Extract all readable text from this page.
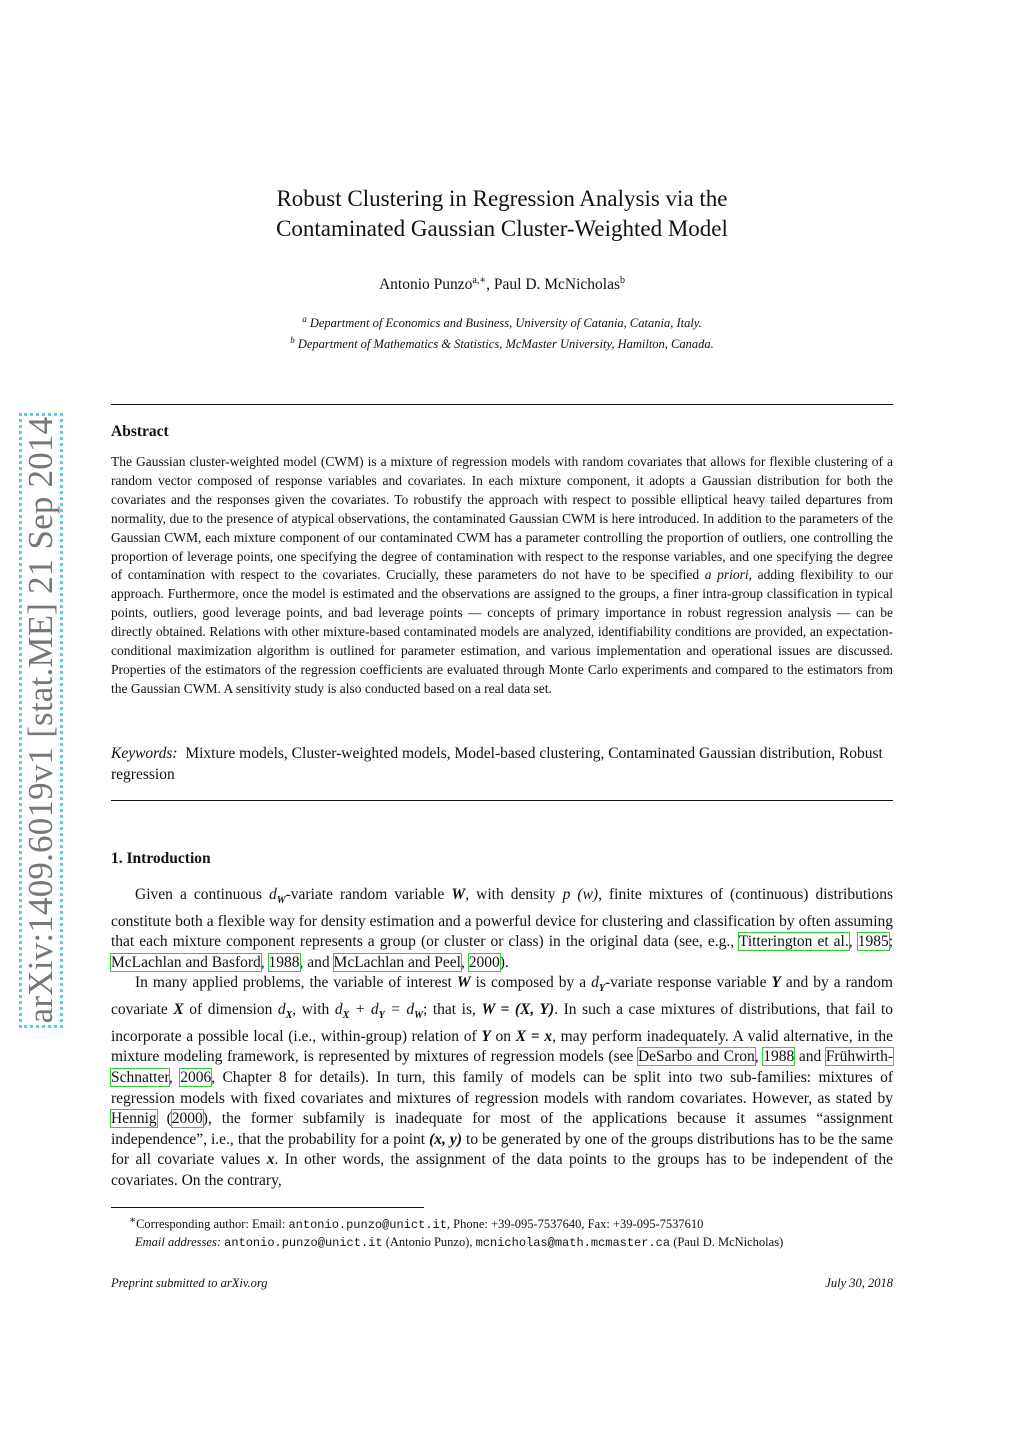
Robust Clustering in Regression Analysis via the
Contaminated Gaussian Cluster-Weighted Model
Antonio Punzo$^{a,∗}$, Paul D. McNicholas$^b$
$^a$ Department of Economics and Business, University of Catania, Catania, Italy.
$^b$ Department of Mathematics & Statistics, McMaster University, Hamilton, Canada.
Abstract

The Gaussian cluster-weighted model (CWM) is a mixture of regression models with random covariates that allows for flexible clustering of a random vector composed of response variables and covariates. In each mixture component, it adopts a Gaussian distribution for both the covariates and the responses given the covariates. To robustify the approach with respect to possible elliptical heavy tailed departures from normality, due to the presence of atypical observations, the contaminated Gaussian CWM is here introduced. In addition to the parameters of the Gaussian CWM, each mixture component of our contaminated CWM has a parameter controlling the proportion of outliers, one controlling the proportion of leverage points, one specifying the degree of contamination with respect to the response variables, and one specifying the degree of contamination with respect to the covariates. Crucially, these parameters do not have to be specified a priori, adding flexibility to our approach. Furthermore, once the model is estimated and the observations are assigned to the groups, a finer intra-group classification in typical points, outliers, good leverage points, and bad leverage points — concepts of primary importance in robust regression analysis — can be directly obtained. Relations with other mixture-based contaminated models are analyzed, identifiability conditions are provided, an expectation-conditional maximization algorithm is outlined for parameter estimation, and various implementation and operational issues are discussed. Properties of the estimators of the regression coefficients are evaluated through Monte Carlo experiments and compared to the estimators from the Gaussian CWM. A sensitivity study is also conducted based on a real data set.

Keywords: Mixture models, Cluster-weighted models, Model-based clustering, Contaminated Gaussian distribution, Robust regression
1. Introduction

Given a continuous $d_W$-variate random variable W, with density p (w), finite mixtures of (continuous) distributions constitute both a flexible way for density estimation and a powerful device for clustering and classification by often assuming that each mixture component represents a group (or cluster or class) in the original data (see, e.g., Titterington et al., 1985; McLachlan and Basford, 1988, and McLachlan and Peel, 2000).

In many applied problems, the variable of interest W is composed by a $d_Y$-variate response variable Y and by a random covariate X of dimension $d_X$, with $d_X + d_Y = d_W$; that is, W = (X, Y). In such a case mixtures of distributions, that fail to incorporate a possible local (i.e., within-group) relation of Y on X = x, may perform inadequately. A valid alternative, in the mixture modeling framework, is represented by mixtures of regression models (see DeSarbo and Cron, 1988 and Frühwirth-Schnatter, 2006, Chapter 8 for details). In turn, this family of models can be split into two sub-families: mixtures of regression models with fixed covariates and mixtures of regression models with random covariates. However, as stated by Hennig (2000), the former subfamily is inadequate for most of the applications because it assumes “assignment independence”, i.e., that the probability for a point (x, y) to be generated by one of the groups distributions has to be the same for all covariate values x. In other words, the assignment of the data points to the groups has to be independent of the covariates. On the contrary,

∗Corresponding author: Email: antonio.punzo@unict.it, Phone: +39-095-7537640, Fax: +39-095-7537610
Email addresses: antonio.punzo@unict.it (Antonio Punzo), mcnicholas@math.mcmaster.ca (Paul D. McNicholas)
Preprint submitted to arXiv.org	July 30, 2018
arXiv:1409.6019v1 [stat.ME] 21 Sep 2014
